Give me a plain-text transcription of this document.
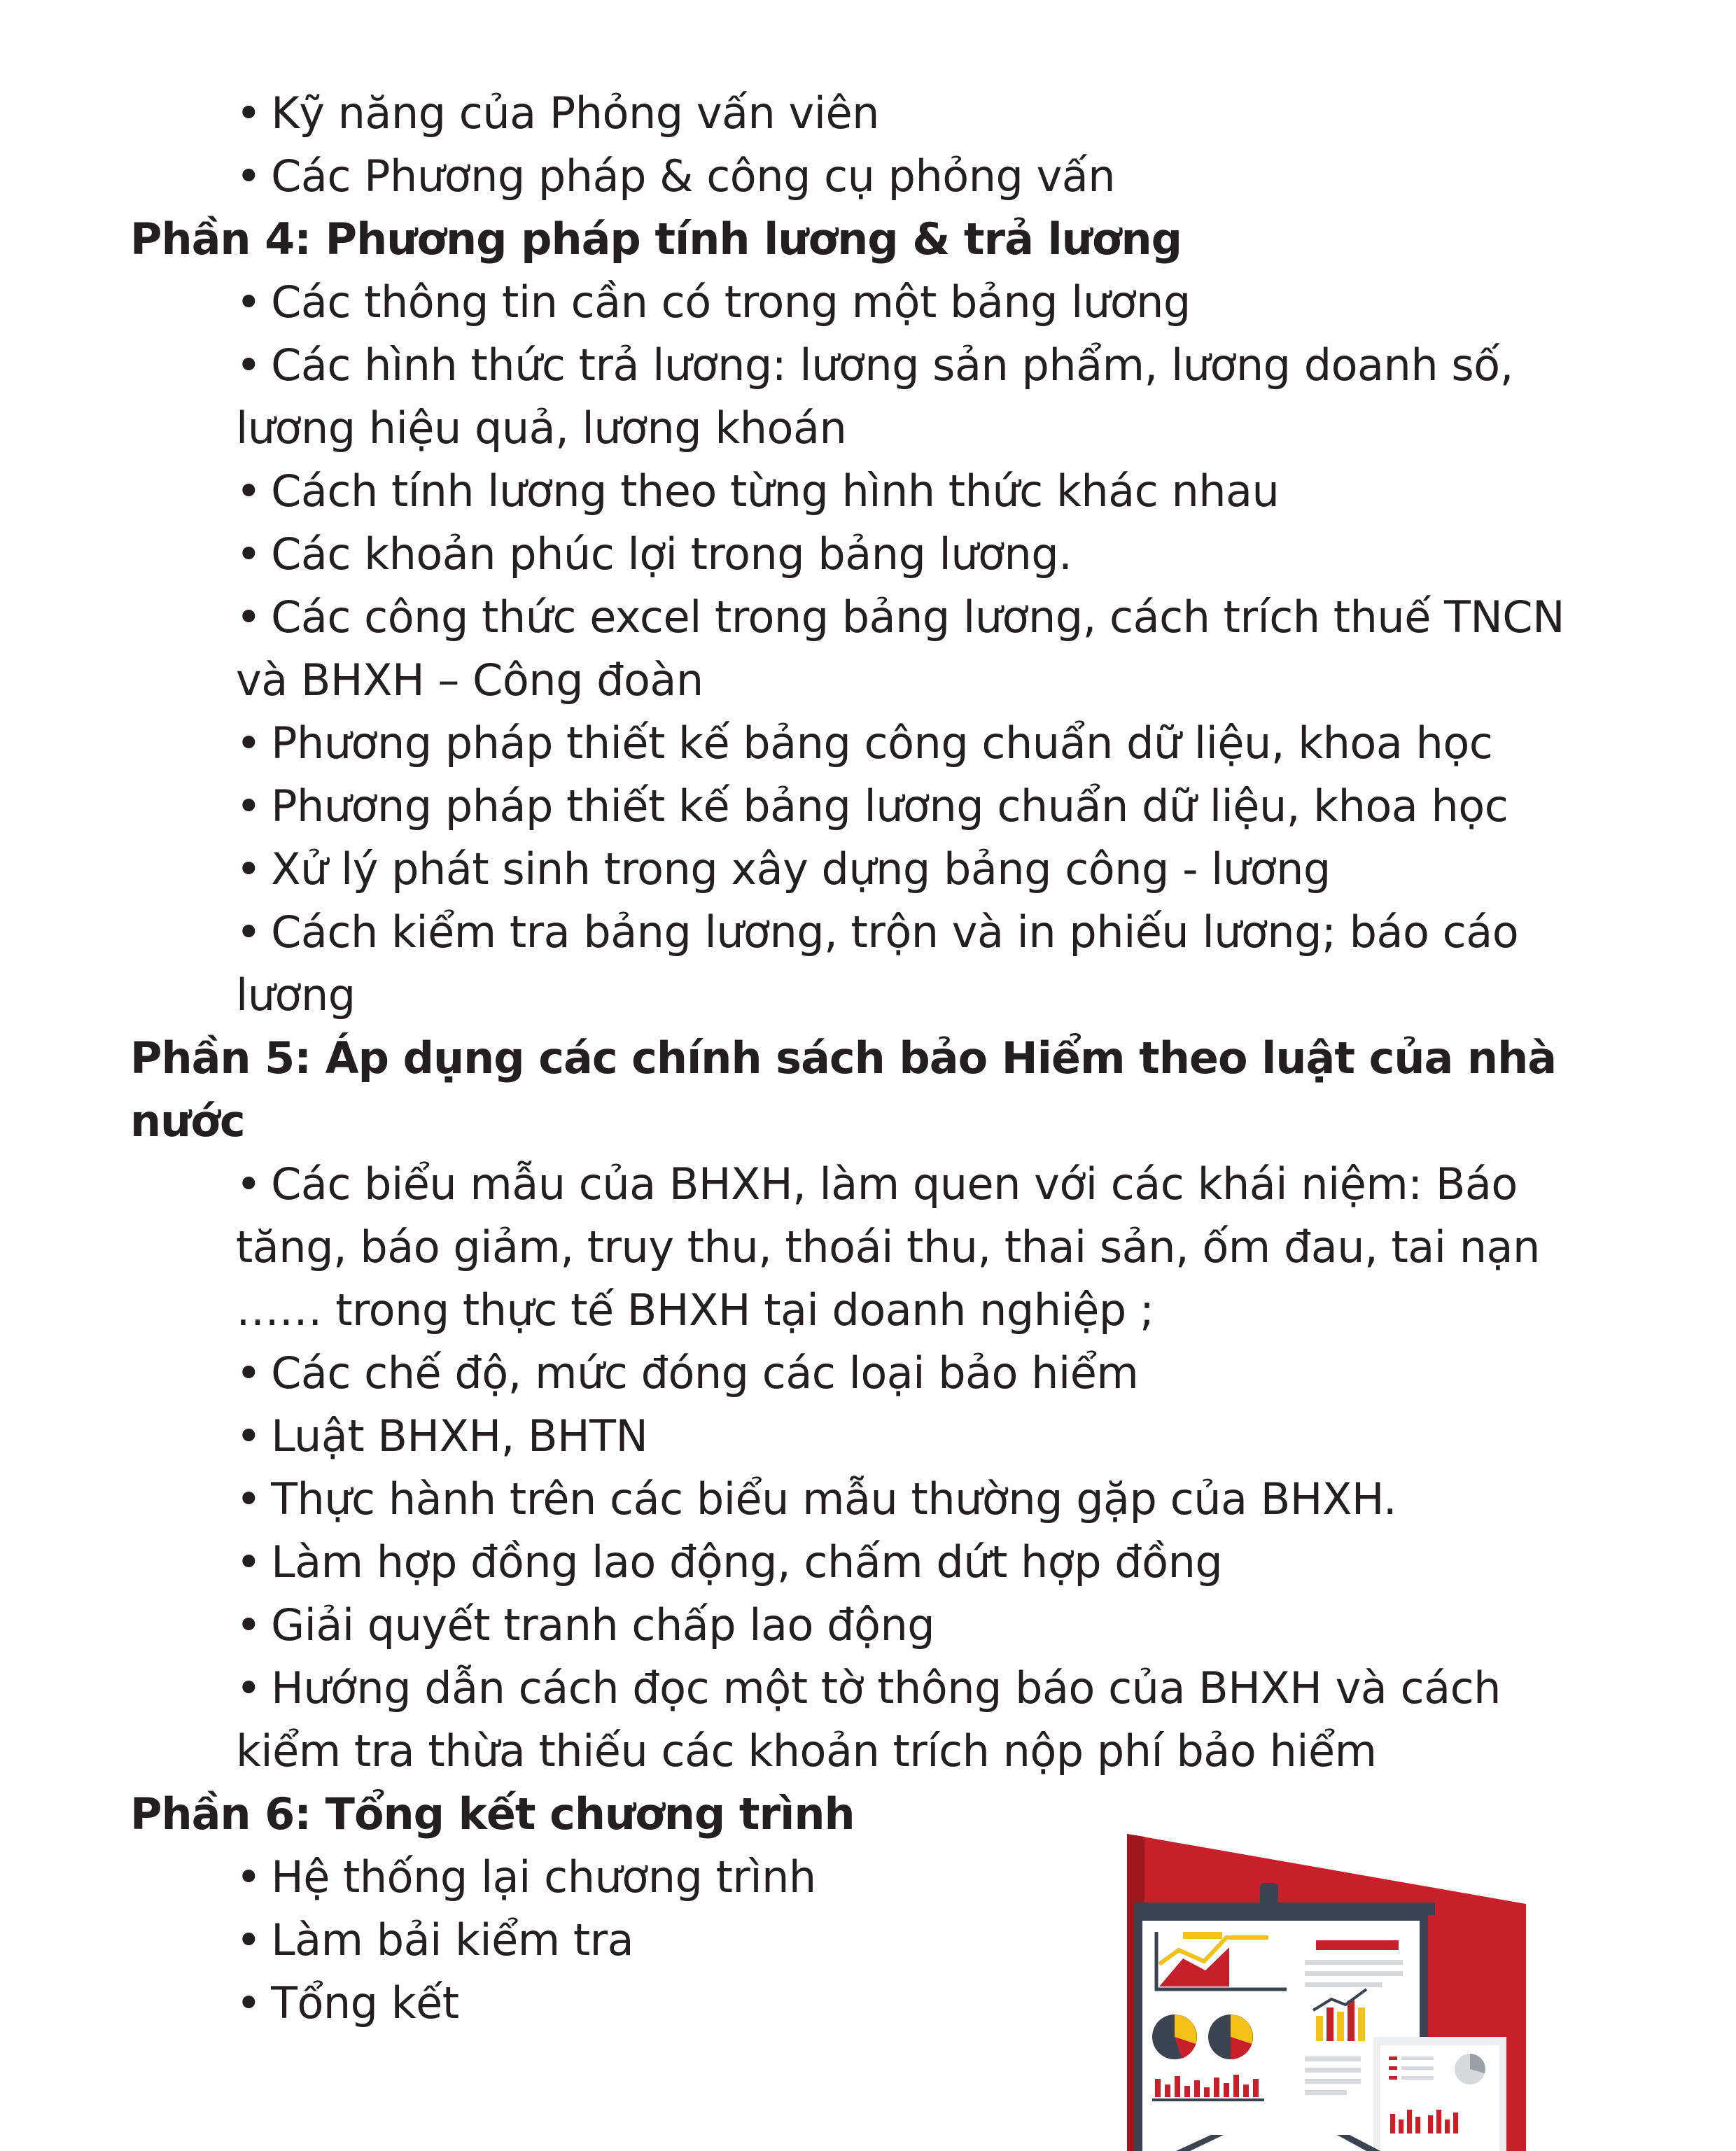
• Kỹ năng của Phỏng vấn viên
• Các Phương pháp & công cụ phỏng vấn
Phần 4: Phương pháp tính lương & trả lương
• Các thông tin cần có trong một bảng lương
• Các hình thức trả lương: lương sản phẩm, lương doanh số,
lương hiệu quả, lương khoán
• Cách tính lương theo từng hình thức khác nhau
• Các khoản phúc lợi trong bảng lương.
• Các công thức excel trong bảng lương, cách trích thuế TNCN
và BHXH – Công đoàn
• Phương pháp thiết kế bảng công chuẩn dữ liệu, khoa học
• Phương pháp thiết kế bảng lương chuẩn dữ liệu, khoa học
• Xử lý phát sinh trong xây dựng bảng công - lương
• Cách kiểm tra bảng lương, trộn và in phiếu lương; báo cáo
lương
Phần 5: Áp dụng các chính sách bảo Hiểm theo luật của nhà
nước
• Các biểu mẫu của BHXH, làm quen với các khái niệm: Báo
tăng, báo giảm, truy thu, thoái thu, thai sản, ốm đau, tai nạn
…… trong thực tế BHXH tại doanh nghiệp ;
• Các chế độ, mức đóng các loại bảo hiểm
• Luật BHXH, BHTN
• Thực hành trên các biểu mẫu thường gặp của BHXH.
• Làm hợp đồng lao động, chấm dứt hợp đồng
• Giải quyết tranh chấp lao động
• Hướng dẫn cách đọc một tờ thông báo của BHXH và cách
kiểm tra thừa thiếu các khoản trích nộp phí bảo hiểm
Phần 6: Tổng kết chương trình
• Hệ thống lại chương trình
• Làm bải kiểm tra
• Tổng kết
